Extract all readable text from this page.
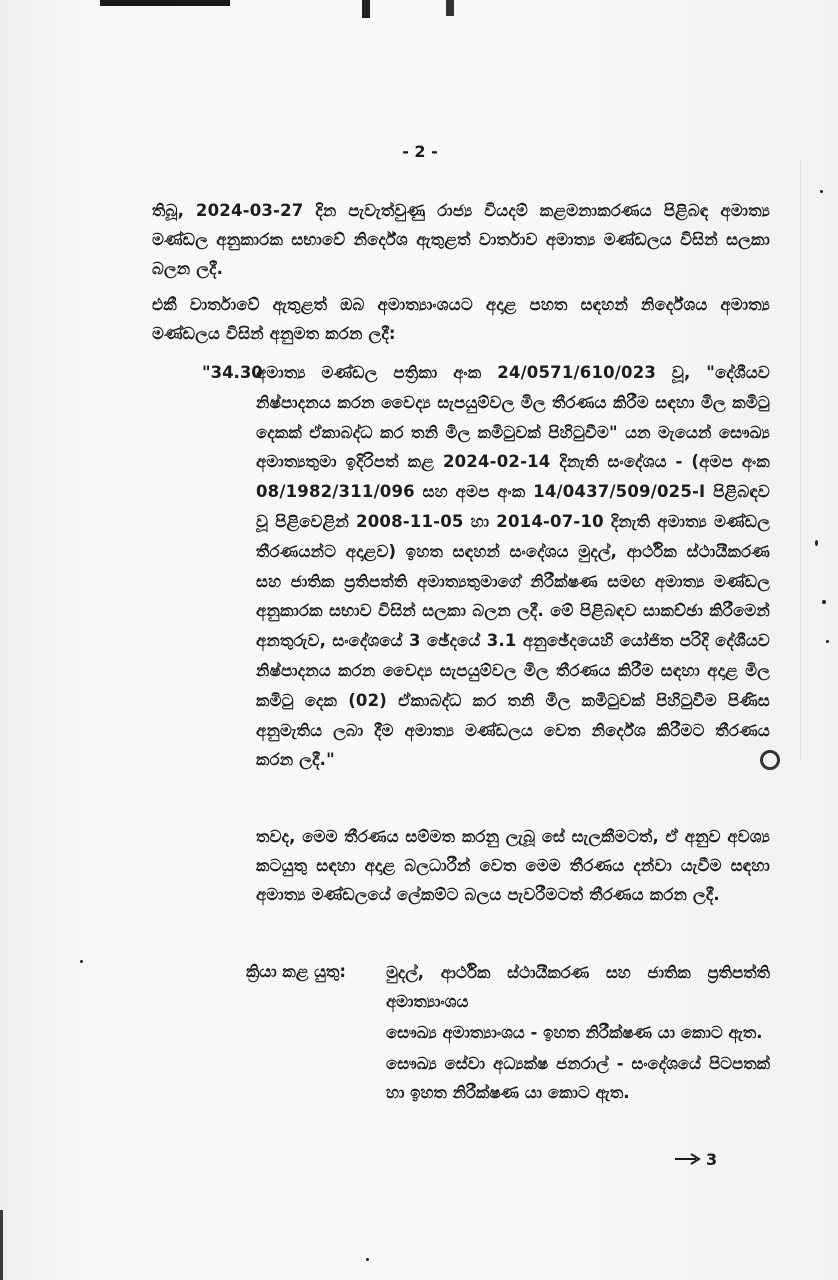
- 2 -
තිබූ, 2024-03-27 දින පැවැත්වුණු රාජ්‍ය වියදම් කළමනාකරණය පිළිබඳ අමාත්‍ය මණ්ඩල අනුකාරක සභාවේ නිර්දේශ ඇතුළත් වාර්තාව අමාත්‍ය මණ්ඩලය විසින් සලකා බලන ලදී.
එකී වාර්තාවේ ඇතුළත් ඔබ අමාත්‍යාංශයට අදාළ පහත සඳහන් නිර්දේශය අමාත්‍ය මණ්ඩලය විසින් අනුමත කරන ලදී:
"34.30
අමාත්‍ය මණ්ඩල පත්‍රිකා අංක 24/0571/610/023 වූ, "දේශීයව නිෂ්පාදනය කරන වෛද්‍ය සැපයුම්වල මිල තීරණය කිරීම සඳහා මිල කමිටු දෙකක් ඒකාබද්ධ කර තනි මිල කමිටුවක් පිහිටුවීම" යන මැයෙන් සෞඛ්‍ය අමාත්‍යතුමා ඉදිරිපත් කළ 2024-02-14 දිනැති සංදේශය - (අමප අංක 08/1982/311/096 සහ අමප අංක 14/0437/509/025-I පිළිබඳව වූ පිළිවෙළින් 2008-11-05 හා 2014-07-10 දිනැති අමාත්‍ය මණ්ඩල තීරණයන්ට අදාළව) ඉහත සඳහන් සංදේශය මුදල්, ආර්ථික ස්ථායීකරණ සහ ජාතික ප්‍රතිපත්ති අමාත්‍යතුමාගේ නිරීක්ෂණ සමඟ අමාත්‍ය මණ්ඩල අනුකාරක සභාව විසින් සලකා බලන ලදී. මේ පිළිබඳව සාකච්ඡා කිරීමෙන් අනතුරුව, සංදේශයේ 3 ඡේදයේ 3.1 අනුඡේදයෙහි යෝජිත පරිදි දේශීයව නිෂ්පාදනය කරන වෛද්‍ය සැපයුම්වල මිල තීරණය කිරීම සඳහා අදාළ මිල කමිටු දෙක (02) ඒකාබද්ධ කර තනි මිල කමිටුවක් පිහිටුවීම පිණිස අනුමැතිය ලබා දීම අමාත්‍ය මණ්ඩලය වෙත නිර්දේශ කිරීමට තීරණය කරන ලදී."
තවද, මෙම තීරණය සම්මත කරනු ලැබූ සේ සැලකීමටත්, ඒ අනුව අවශ්‍ය කටයුතු සඳහා අදාළ බලධාරීන් වෙත මෙම තීරණය දන්වා යැවීම සඳහා අමාත්‍ය මණ්ඩලයේ ලේකම්ට බලය පැවරීමටත් තීරණය කරන ලදී.
ක්‍රියා කළ යුතු: මුදල්, ආර්ථික ස්ථායීකරණ සහ ජාතික ප්‍රතිපත්ති අමාත්‍යාංශය
සෞඛ්‍ය අමාත්‍යාංශය - ඉහත නිරීක්ෂණ යා කොට ඇත.
සෞඛ්‍ය සේවා අධ්‍යක්ෂ ජනරාල් - සංදේශයේ පිටපතක් හා ඉහත නිරීක්ෂණ යා කොට ඇත.
3
